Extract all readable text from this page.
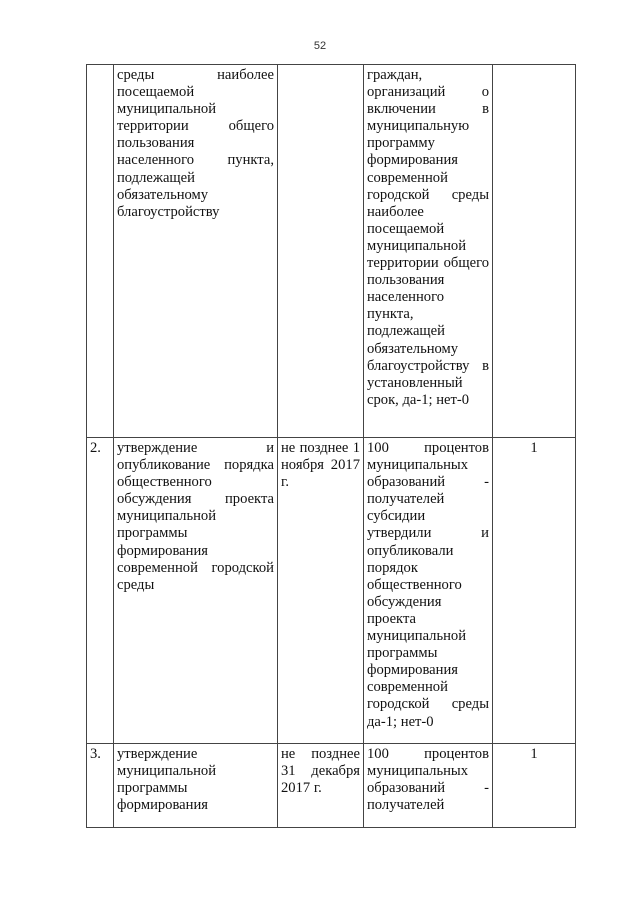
52
	среды наиболее посещаемой муниципальной территории общего пользования населенного пункта, подлежащей обязательному благоустройству		граждан, организаций о включении в муниципальную программу формирования современной городской среды наиболее посещаемой муниципальной территории общего пользования населенного пункта, подлежащей обязательному благоустройству в установленный срок, да-1; нет-0	
2.	утверждение и опубликование порядка общественного обсуждения проекта муниципальной программы формирования современной городской среды	не позднее 1 ноября 2017 г.	100 процентов муниципальных образований - получателей субсидии утвердили и опубликовали порядок общественного обсуждения проекта муниципальной программы формирования современной городской среды да-1; нет-0	1
3.	утверждение муниципальной программы формирования	не позднее 31 декабря 2017 г.	100 процентов муниципальных образований - получателей	1
